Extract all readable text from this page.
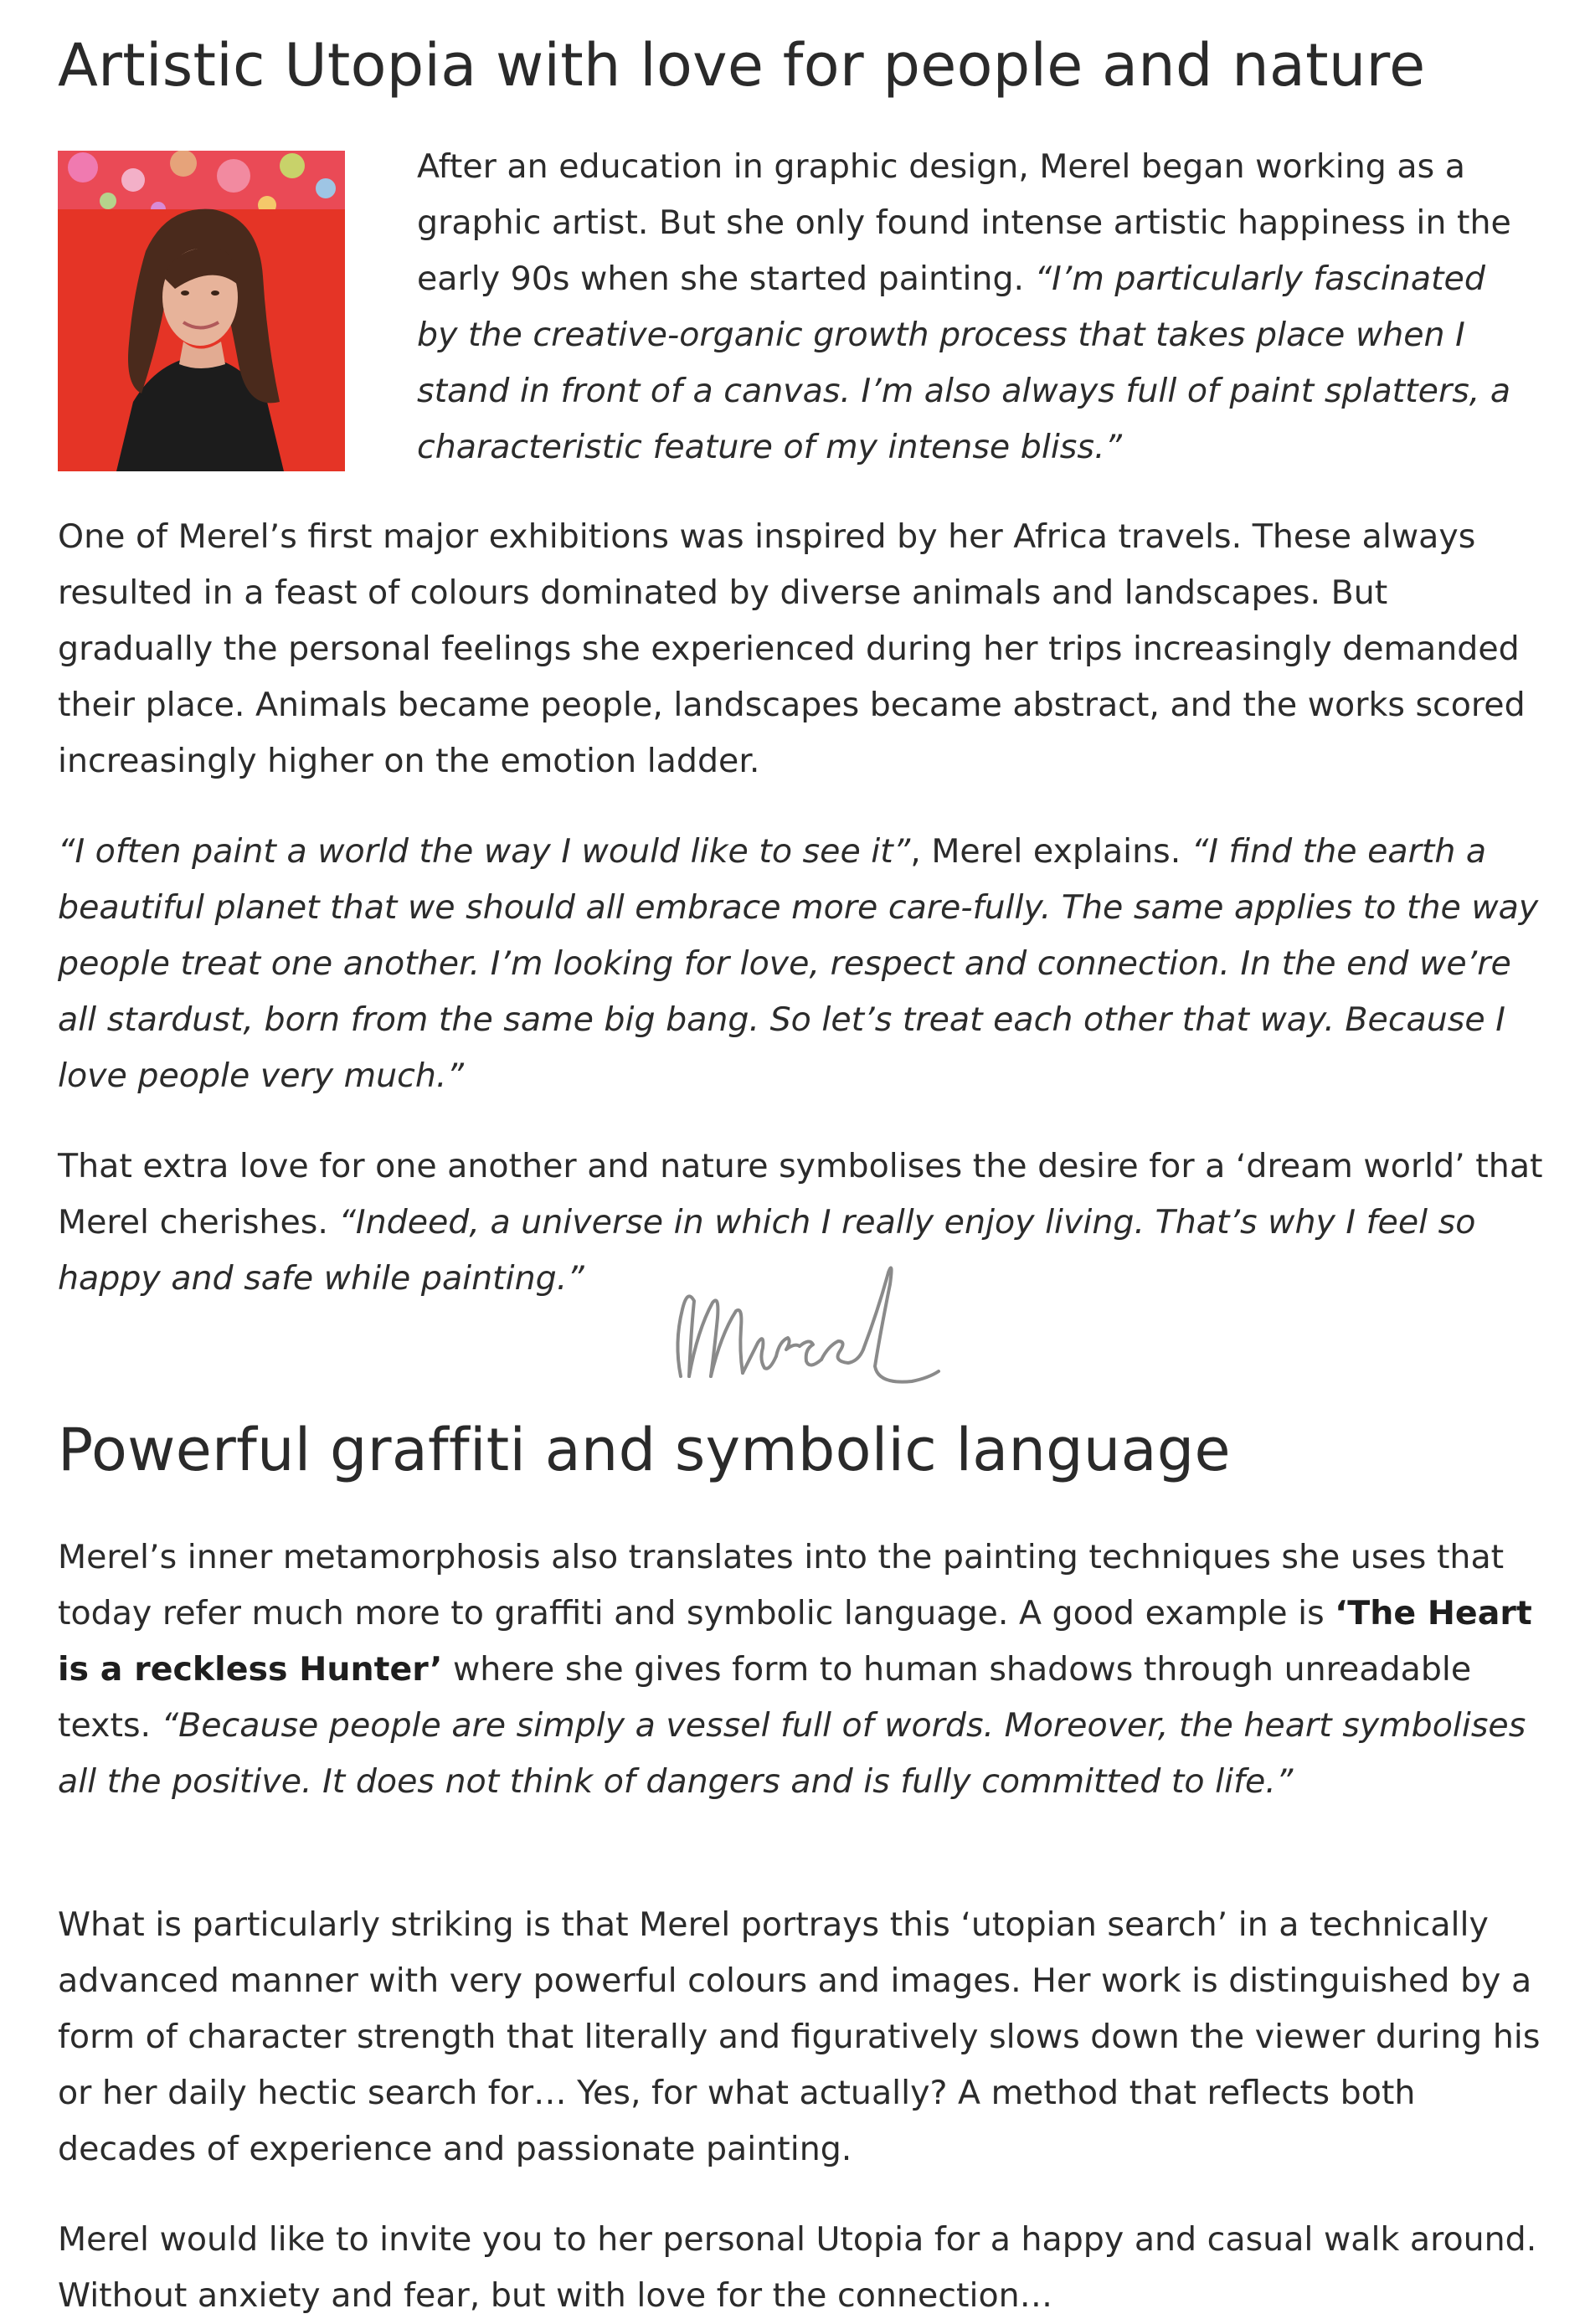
Artistic Utopia with love for people and nature

After an education in graphic design, Merel began working as a graphic artist. But she only found intense artistic happiness in the early 90s when she started painting. “I’m particularly fascinated by the creative-organic growth process that takes place when I stand in front of a canvas. I’m also always full of paint splatters, a characteristic feature of my intense bliss.”

One of Merel’s first major exhibitions was inspired by her Africa travels. These always resulted in a feast of colours dominated by diverse animals and landscapes. But gradually the personal feelings she experienced during her trips increasingly demanded their place. Animals became people, landscapes became abstract, and the works scored increasingly higher on the emotion ladder.

“I often paint a world the way I would like to see it”, Merel explains. “I find the earth a beautiful planet that we should all embrace more care-fully. The same applies to the way people treat one another. I’m looking for love, respect and connection. In the end we’re all stardust, born from the same big bang. So let’s treat each other that way. Because I love people very much.”

That extra love for one another and nature symbolises the desire for a ‘dream world’ that Merel cherishes. “Indeed, a universe in which I really enjoy living. That’s why I feel so happy and safe while painting.”

Powerful graffiti and symbolic language

Merel’s inner metamorphosis also translates into the painting techniques she uses that today refer much more to graffiti and symbolic language. A good example is ‘The Heart is a reckless Hunter’ where she gives form to human shadows through unreadable texts. “Because people are simply a vessel full of words. Moreover, the heart symbolises all the positive. It does not think of dangers and is fully committed to life.”

What is particularly striking is that Merel portrays this ‘utopian search’ in a technically advanced manner with very powerful colours and images. Her work is distinguished by a form of character strength that literally and figuratively slows down the viewer during his or her daily hectic search for… Yes, for what actually? A method that reflects both decades of experience and passionate painting.

Merel would like to invite you to her personal Utopia for a happy and casual walk around. Without anxiety and fear, but with love for the connection…
